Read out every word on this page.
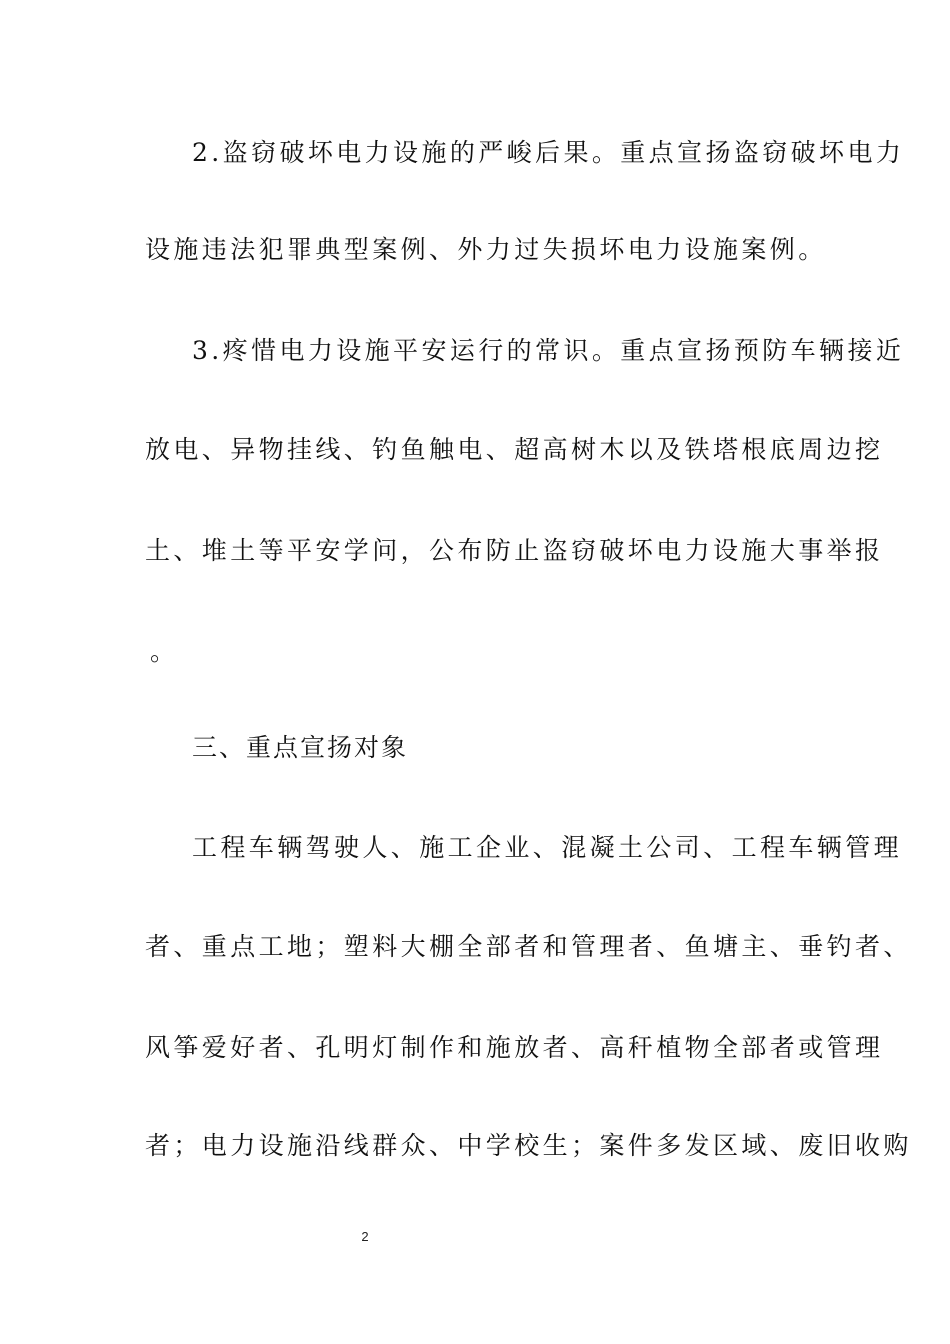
2.盗窃破坏电力设施的严峻后果。重点宣扬盗窃破坏电力
设施违法犯罪典型案例、外力过失损坏电力设施案例。
3.疼惜电力设施平安运行的常识。重点宣扬预防车辆接近
放电、异物挂线、钓鱼触电、超高树木以及铁塔根底周边挖
土、堆土等平安学问，公布防止盗窃破坏电力设施大事举报
。
三、重点宣扬对象
工程车辆驾驶人、施工企业、混凝土公司、工程车辆管理
者、重点工地；塑料大棚全部者和管理者、鱼塘主、垂钓者、
风筝爱好者、孔明灯制作和施放者、高秆植物全部者或管理
者；电力设施沿线群众、中学校生；案件多发区域、废旧收购
2
